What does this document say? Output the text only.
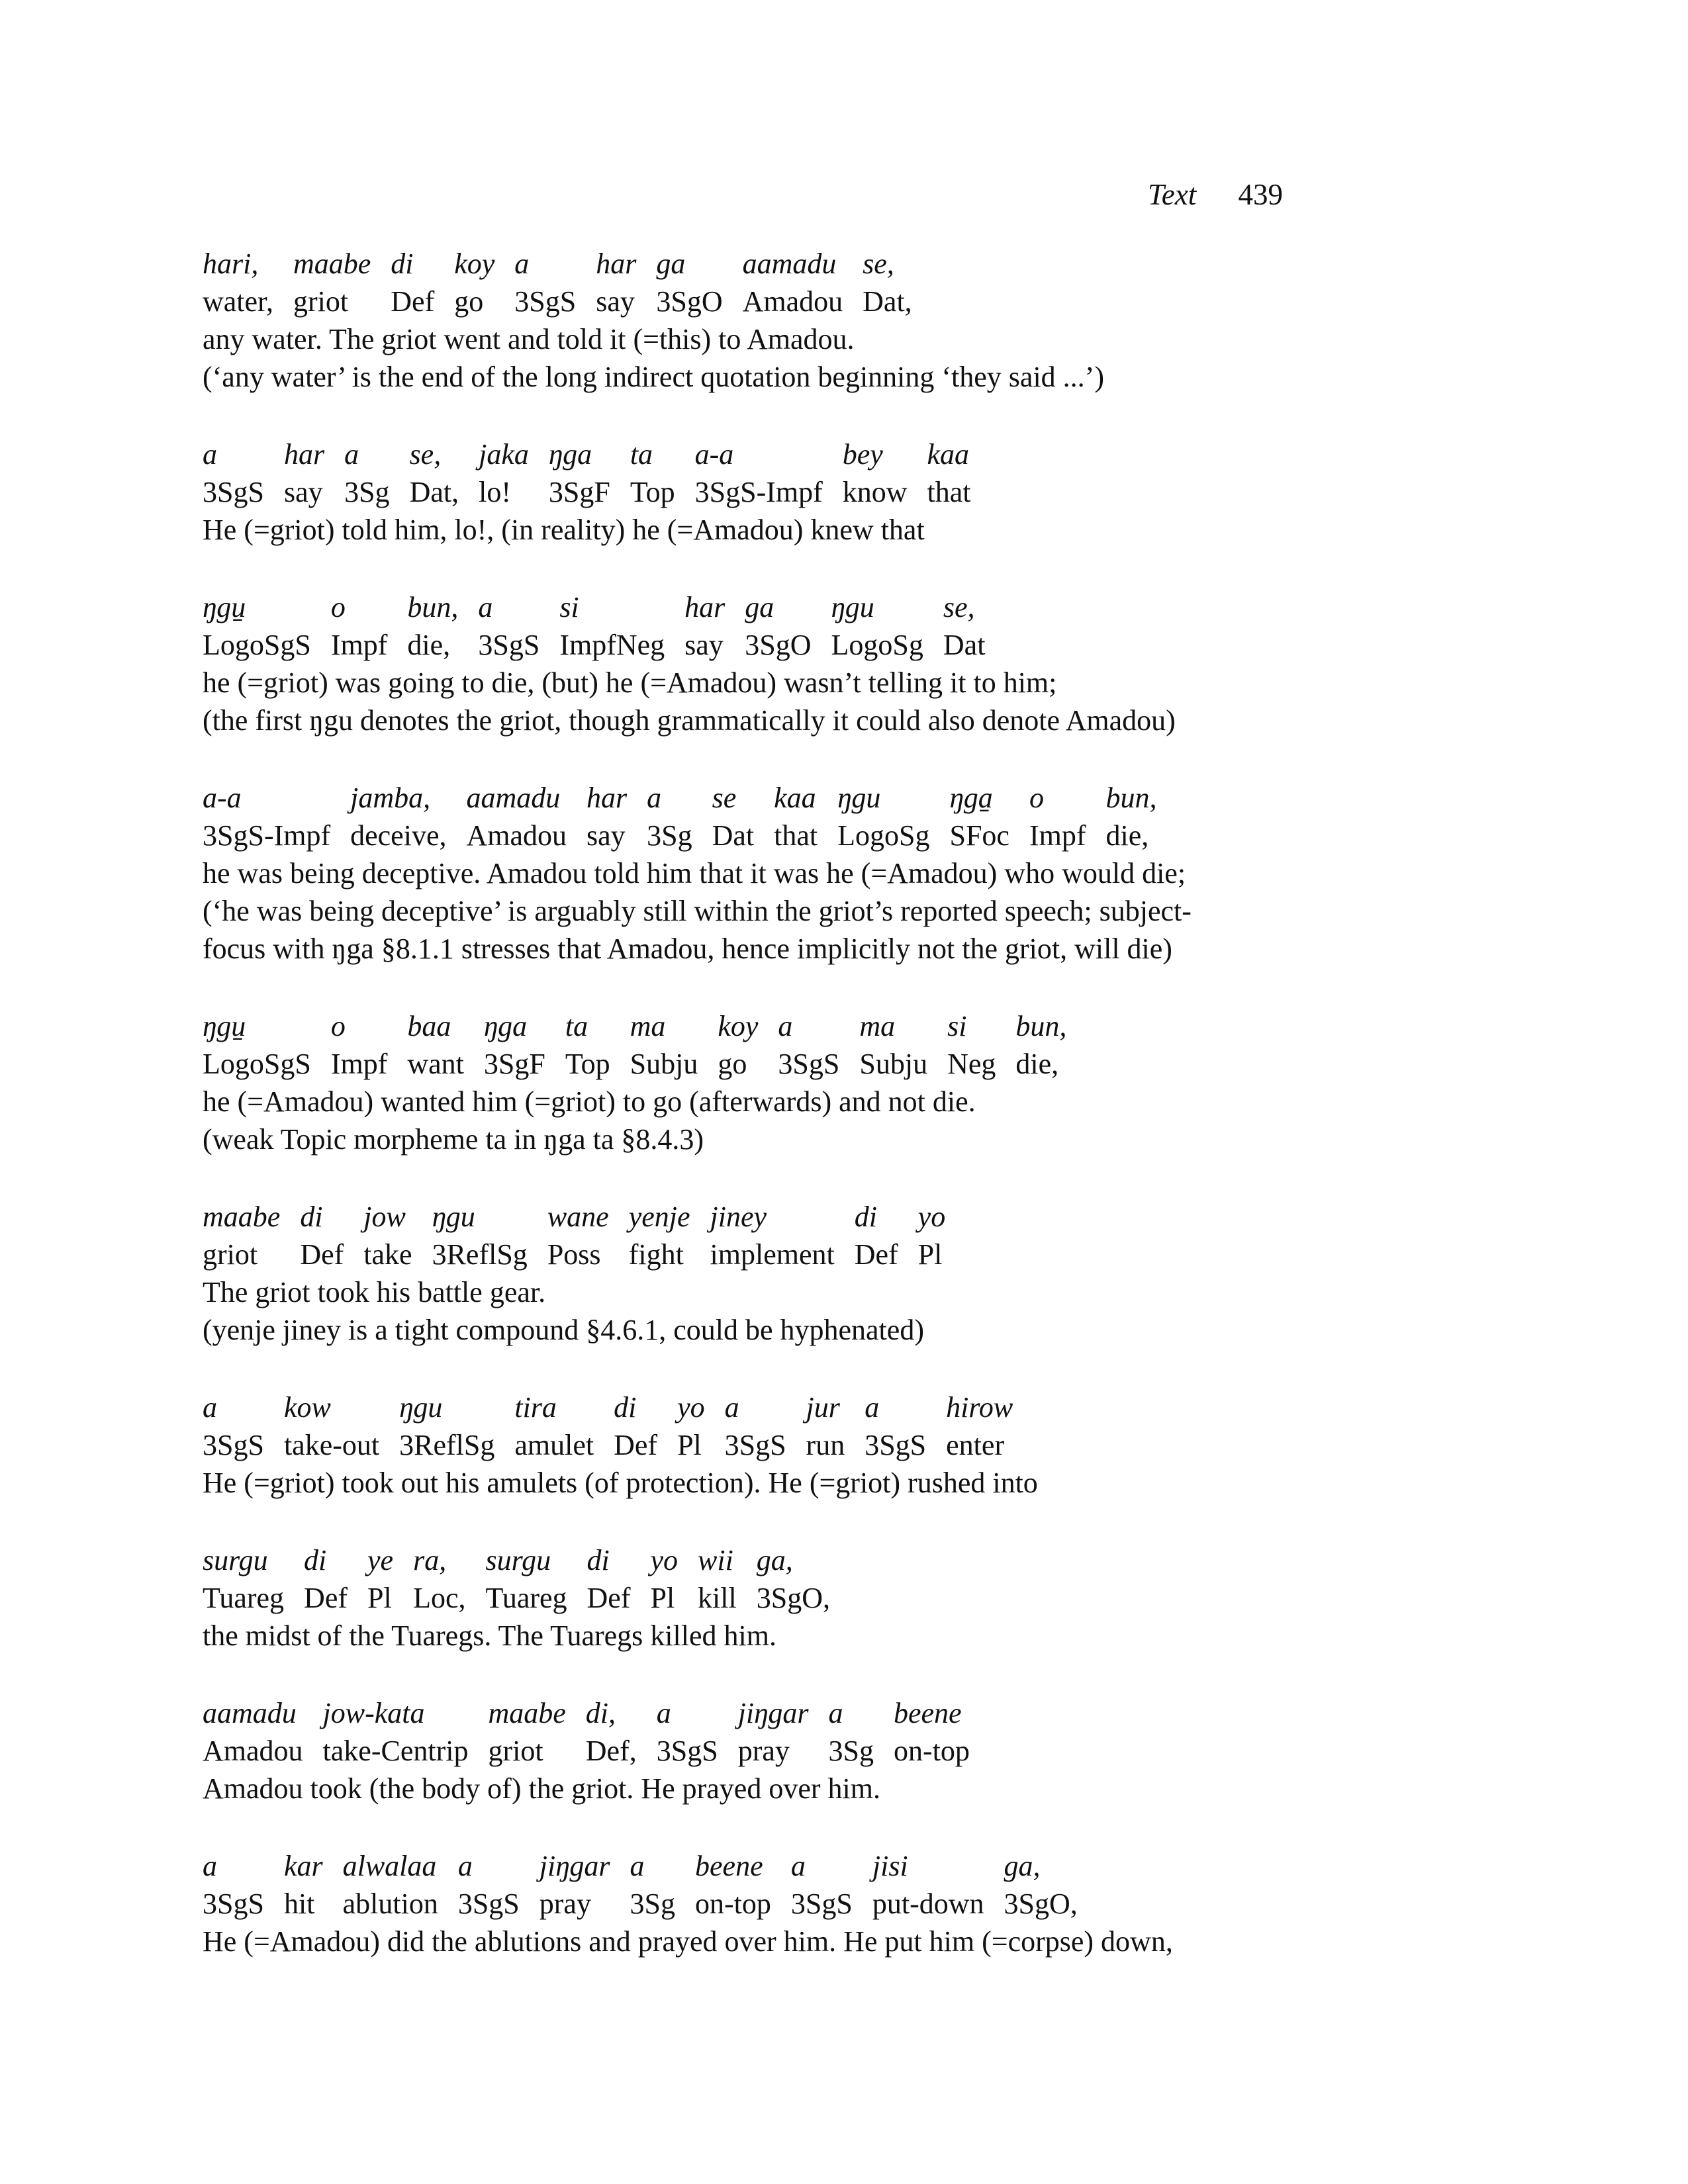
Text 439
hari,	maabe	di	koy	a	har	ga	aamadu	se,
water,	griot	Def	go	3SgS	say	3SgO	Amadou	Dat,
any water. The griot went and told it (=this) to Amadou.
(‘any water’ is the end of the long indirect quotation beginning ‘they said ...’)
a	har	a	se,	jaka	ŋga	ta	a-a	bey	kaa
3SgS	say	3Sg	Dat,	lo!	3SgF	Top	3SgS-Impf	know	that
He (=griot) told him, lo!, (in reality) he (=Amadou) knew that
ŋgu̠	o	bun,	a	si	har	ga	ŋgu	se,
LogoSgS	Impf	die,	3SgS	ImpfNeg	say	3SgO	LogoSg	Dat
he (=griot) was going to die, (but) he (=Amadou) wasn’t telling it to him;
(the first ŋgu denotes the griot, though grammatically it could also denote Amadou)
a-a	jamba,	aamadu	har	a	se	kaa	ŋgu	ŋga̠	o	bun,
3SgS-Impf	deceive,	Amadou	say	3Sg	Dat	that	LogoSg	SFoc	Impf	die,
he was being deceptive. Amadou told him that it was he (=Amadou) who would die;
(‘he was being deceptive’ is arguably still within the griot’s reported speech; subject-
focus with ŋga §8.1.1 stresses that Amadou, hence implicitly not the griot, will die)
ŋgu̠	o	baa	ŋga	ta	ma	koy	a	ma	si	bun,
LogoSgS	Impf	want	3SgF	Top	Subju	go	3SgS	Subju	Neg	die,
he (=Amadou) wanted him (=griot) to go (afterwards) and not die.
(weak Topic morpheme ta in ŋga ta §8.4.3)
maabe	di	jow	ŋgu	wane	yenje	jiney	di	yo
griot	Def	take	3ReflSg	Poss	fight	implement	Def	Pl
The griot took his battle gear.
(yenje jiney is a tight compound §4.6.1, could be hyphenated)
a	kow	ŋgu	tira	di	yo	a	jur	a	hirow
3SgS	take-out	3ReflSg	amulet	Def	Pl	3SgS	run	3SgS	enter
He (=griot) took out his amulets (of protection). He (=griot) rushed into
surgu	di	ye	ra,	surgu	di	yo	wii	ga,
Tuareg	Def	Pl	Loc,	Tuareg	Def	Pl	kill	3SgO,
the midst of the Tuaregs. The Tuaregs killed him.
aamadu	jow-kata	maabe	di,	a	jiŋgar	a	beene
Amadou	take-Centrip	griot	Def,	3SgS	pray	3Sg	on-top
Amadou took (the body of) the griot. He prayed over him.
a	kar	alwalaa	a	jiŋgar	a	beene	a	jisi	ga,
3SgS	hit	ablution	3SgS	pray	3Sg	on-top	3SgS	put-down	3SgO,
He (=Amadou) did the ablutions and prayed over him. He put him (=corpse) down,
